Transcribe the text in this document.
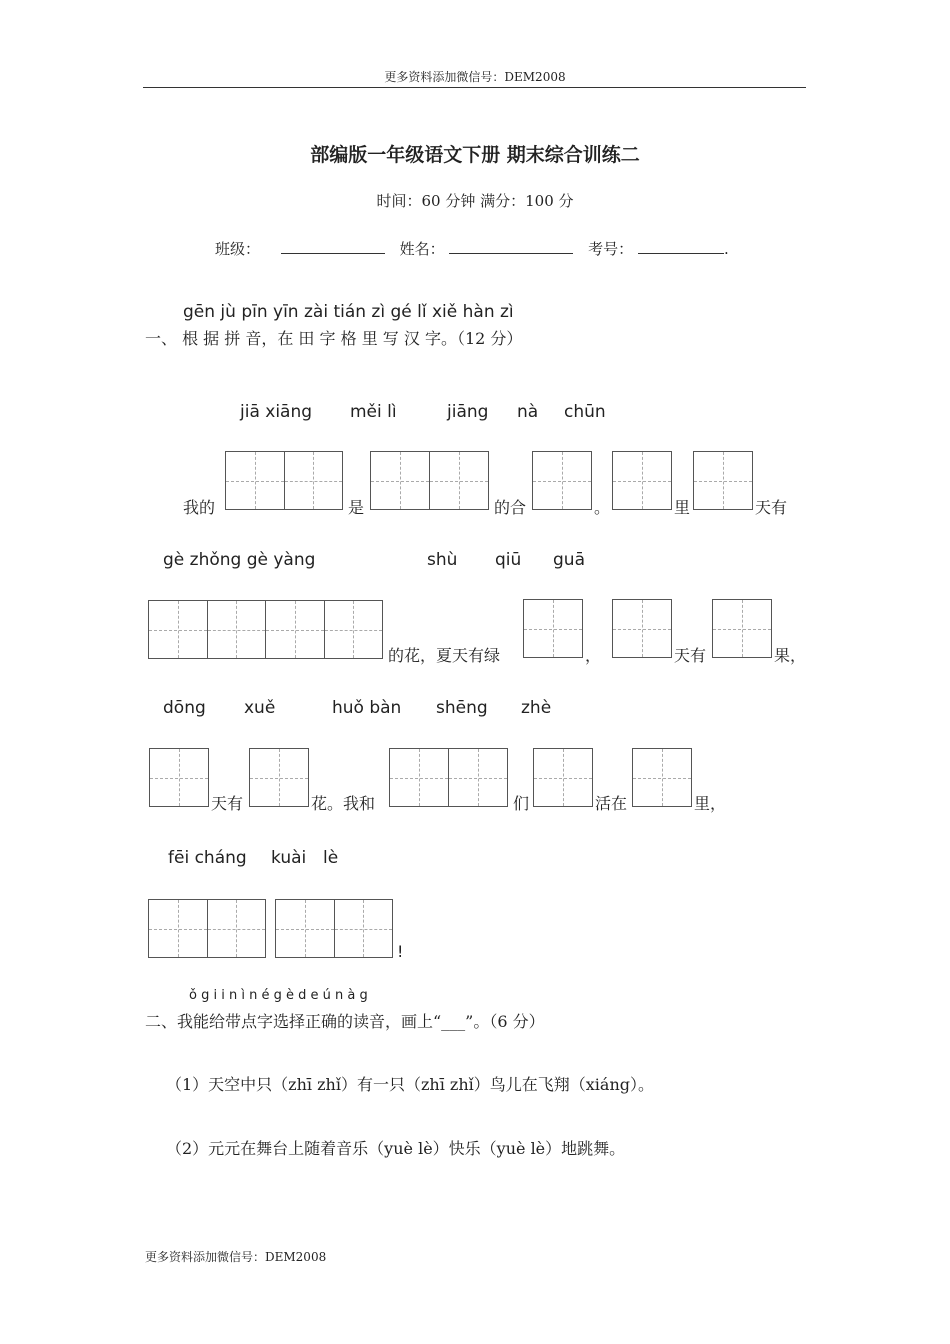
更多资料添加微信号：DEM2008
部编版一年级语文下册 期末综合训练二
时间：60 分钟 满分：100 分
班级：	姓名：	考号：	.
gēn jù pīn yīn zài tián zì gé lǐ xiě hàn zì
一、 根 据 拼 音，在 田 字 格 里 写 汉 字。（12 分）
jiā xiāng měi lì	jiāng nà chūn
我的	是	的合	。	里	天有
gè zhǒng gè yàng	shù qiū guā
的花，夏天有绿	，	天有	果，
dōng xuě	huǒ bàn shēng zhè
天有	花。我和	们	活在	里，
fēi cháng kuài lè
!
ǒ g i i n ì n é g è d e ú n à g
二、我能给带点字选择正确的读音，画上“___”。（6 分）
（1）天空中只（zhī zhǐ）有一只（zhī zhǐ）鸟儿在飞翔（xiáng）。
（2）元元在舞台上随着音乐（yuè lè）快乐（yuè lè）地跳舞。
更多资料添加微信号：DEM2008
